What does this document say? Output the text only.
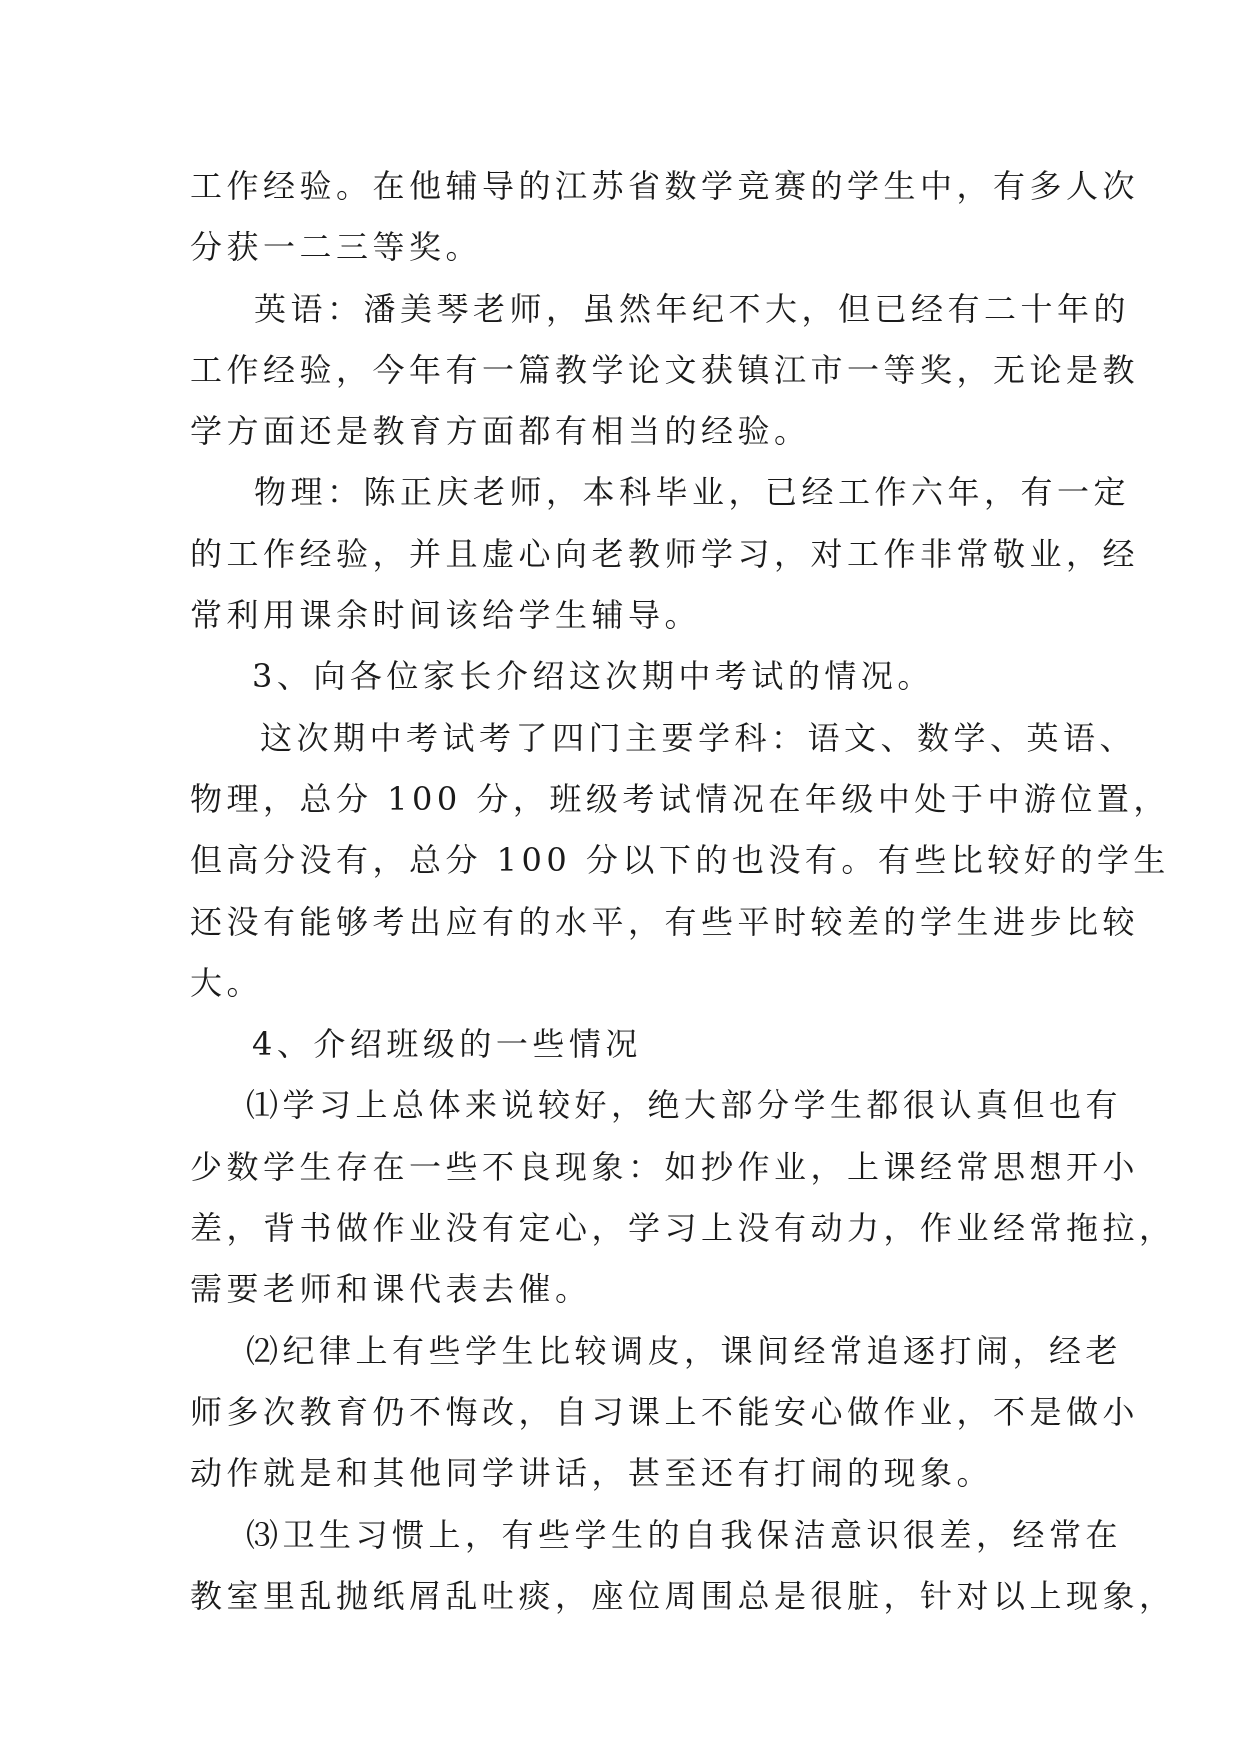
工作经验。在他辅导的江苏省数学竞赛的学生中，有多人次
分获一二三等奖。
英语：潘美琴老师，虽然年纪不大，但已经有二十年的
工作经验，今年有一篇教学论文获镇江市一等奖，无论是教
学方面还是教育方面都有相当的经验。
物理：陈正庆老师，本科毕业，已经工作六年，有一定
的工作经验，并且虚心向老教师学习，对工作非常敬业，经
常利用课余时间该给学生辅导。
3、向各位家长介绍这次期中考试的情况。
这次期中考试考了四门主要学科：语文、数学、英语、
物理，总分 100 分，班级考试情况在年级中处于中游位置，
但高分没有，总分 100 分以下的也没有。有些比较好的学生
还没有能够考出应有的水平，有些平时较差的学生进步比较
大。
4、介绍班级的一些情况
⑴学习上总体来说较好，绝大部分学生都很认真但也有
少数学生存在一些不良现象：如抄作业，上课经常思想开小
差，背书做作业没有定心，学习上没有动力，作业经常拖拉，
需要老师和课代表去催。
⑵纪律上有些学生比较调皮，课间经常追逐打闹，经老
师多次教育仍不悔改，自习课上不能安心做作业，不是做小
动作就是和其他同学讲话，甚至还有打闹的现象。
⑶卫生习惯上，有些学生的自我保洁意识很差，经常在
教室里乱抛纸屑乱吐痰，座位周围总是很脏，针对以上现象，
